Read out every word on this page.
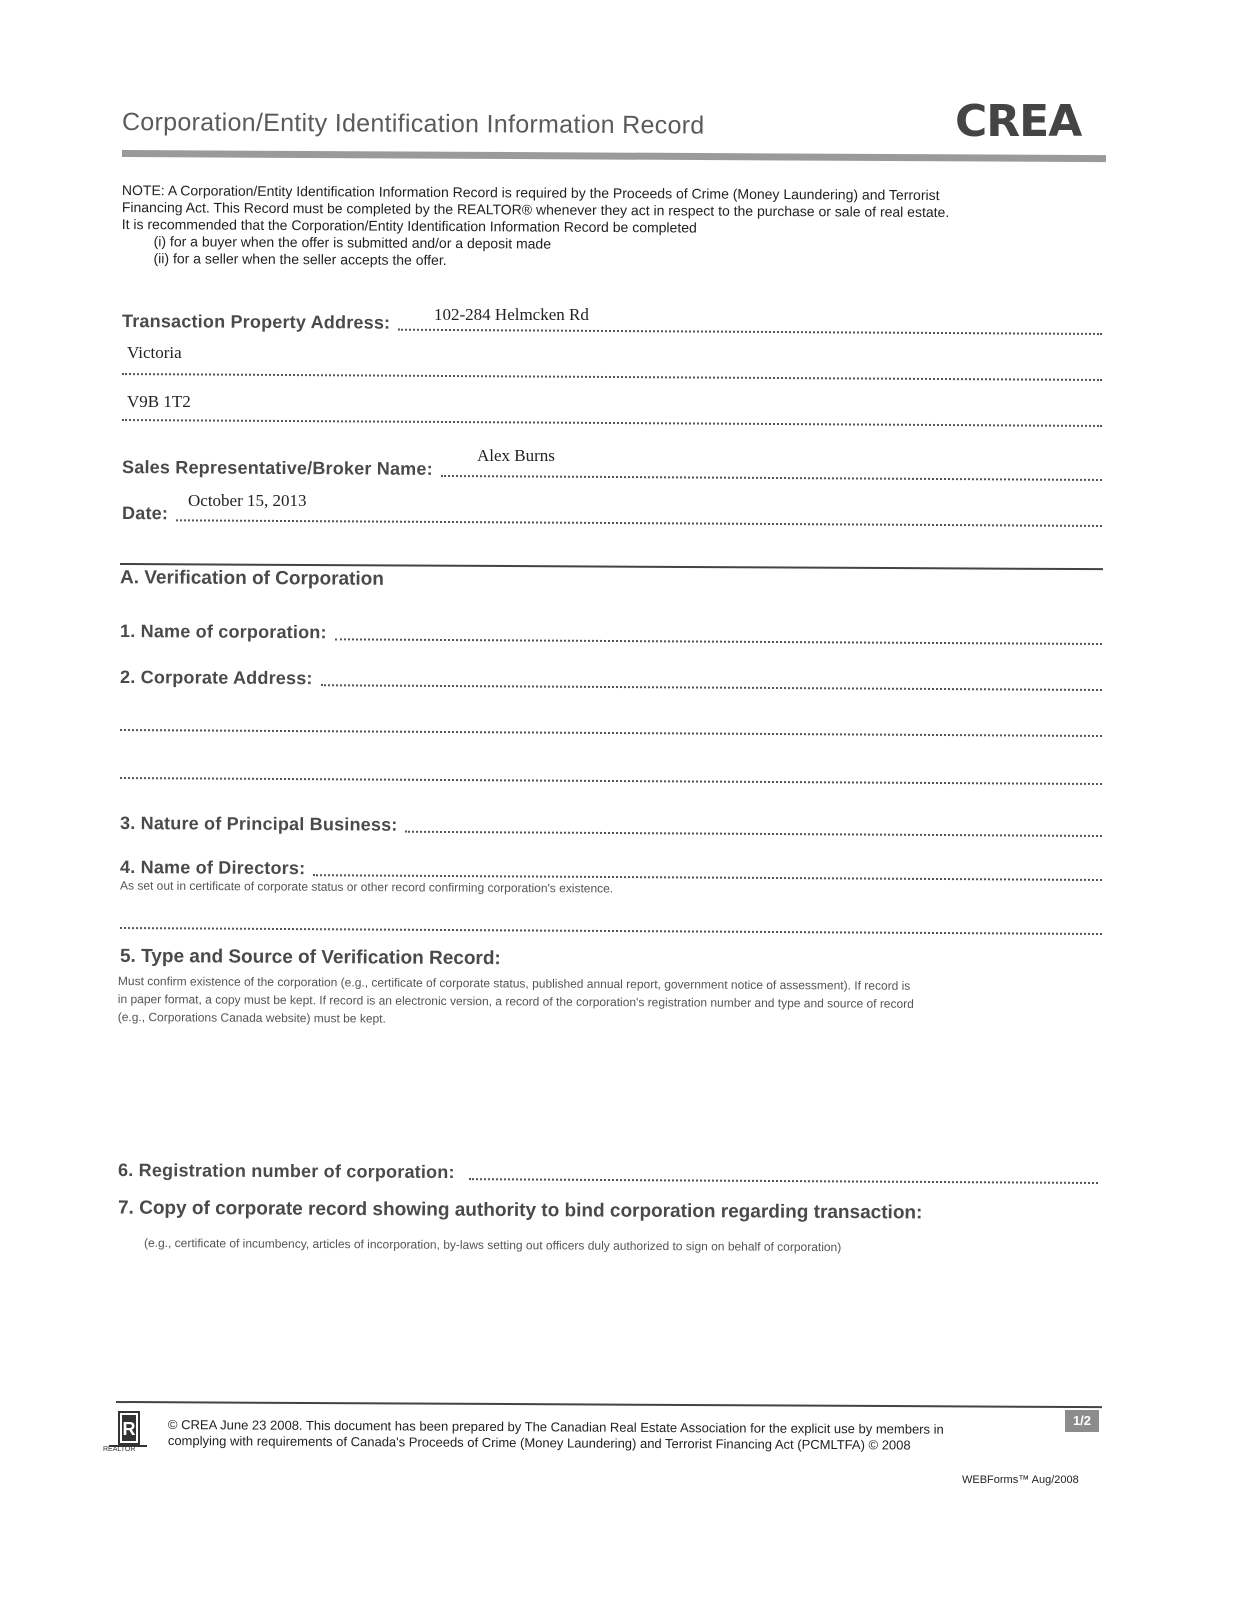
Corporation/Entity Identification Information Record	CREA

NOTE: A Corporation/Entity Identification Information Record is required by the Proceeds of Crime (Money Laundering) and Terrorist

Financing Act. This Record must be completed by the REALTOR® whenever they act in respect to the purchase or sale of real estate.

It is recommended that the Corporation/Entity Identification Information Record be completed

(i) for a buyer when the offer is submitted and/or a deposit made

(ii) for a seller when the seller accepts the offer.

Transaction Property Address:	102-284 Helmcken Rd
Victoria
V9B 1T2
Sales Representative/Broker Name:
Alex Burns
Date:
October 15, 2013
A. Verification of Corporation
1. Name of corporation:
2. Corporate Address:
3. Nature of Principal Business:
4. Name of Directors:
As set out in certificate of corporate status or other record confirming corporation's existence.
5. Type and Source of Verification Record:
Must confirm existence of the corporation (e.g., certificate of corporate status, published annual report, government notice of assessment). If record is
in paper format, a copy must be kept. If record is an electronic version, a record of the corporation's registration number and type and source of record
(e.g., Corporations Canada website) must be kept.
6. Registration number of corporation:
7. Copy of corporate record showing authority to bind corporation regarding transaction:
(e.g., certificate of incumbency, articles of incorporation, by-laws setting out officers duly authorized to sign on behalf of corporation)
R
REALTOR
© CREA June 23 2008. This document has been prepared by The Canadian Real Estate Association for the explicit use by members in
complying with requirements of Canada's Proceeds of Crime (Money Laundering) and Terrorist Financing Act (PCMLTFA) © 2008
1/2
WEBForms™ Aug/2008
